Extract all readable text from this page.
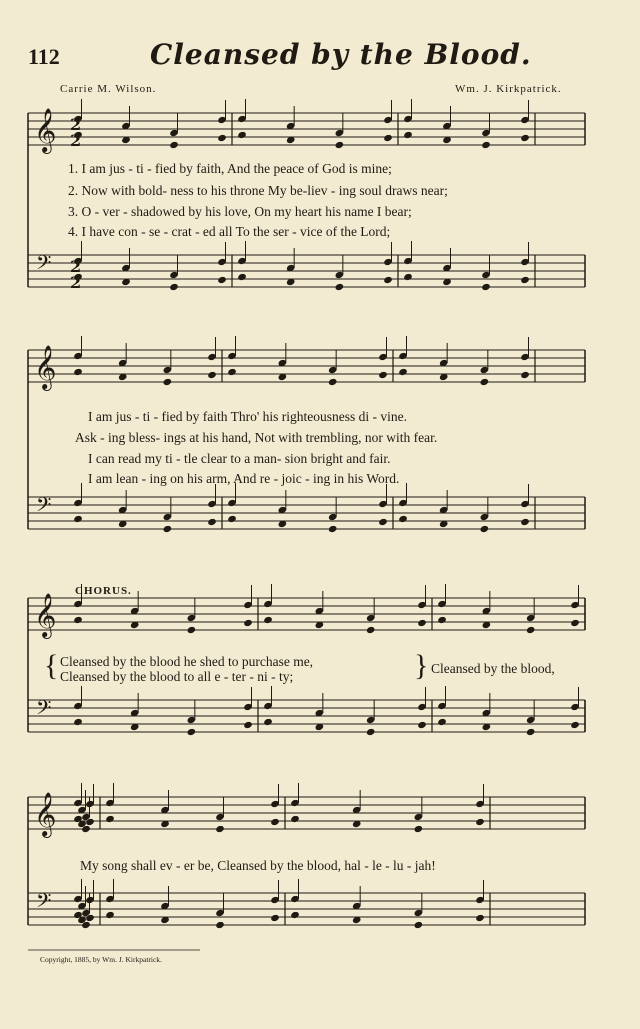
112	Cleansed by the Blood.
Carrie M. Wilson.	Wm. J. Kirkpatrick.
𝄞
𝄢
𝄞
𝄢
𝄞
𝄢
𝄞
𝄢
2
2
2
2
1. I am jus - ti - fied by faith, And the peace of God is mine;
2. Now with bold- ness to his throne My be-liev - ing soul draws near;
3. O - ver - shadowed by his love, On my heart his name I bear;
4. I have con - se - crat - ed all To the ser - vice of the Lord;
I am jus - ti - fied by faith Thro' his righteousness di - vine.
Ask - ing bless- ings at his hand, Not with trembling, nor with fear.
I can read my ti - tle clear to a man- sion bright and fair.
I am lean - ing on his arm, And re - joic - ing in his Word.
CHORUS.
{ Cleansed by the blood he shed to purchase me,
Cleansed by the blood to all e - ter - ni - ty;	} Cleansed by the blood,
My song shall ev - er be, Cleansed by the blood, hal - le - lu - jah!
Copyright, 1885, by Wm. J. Kirkpatrick.
